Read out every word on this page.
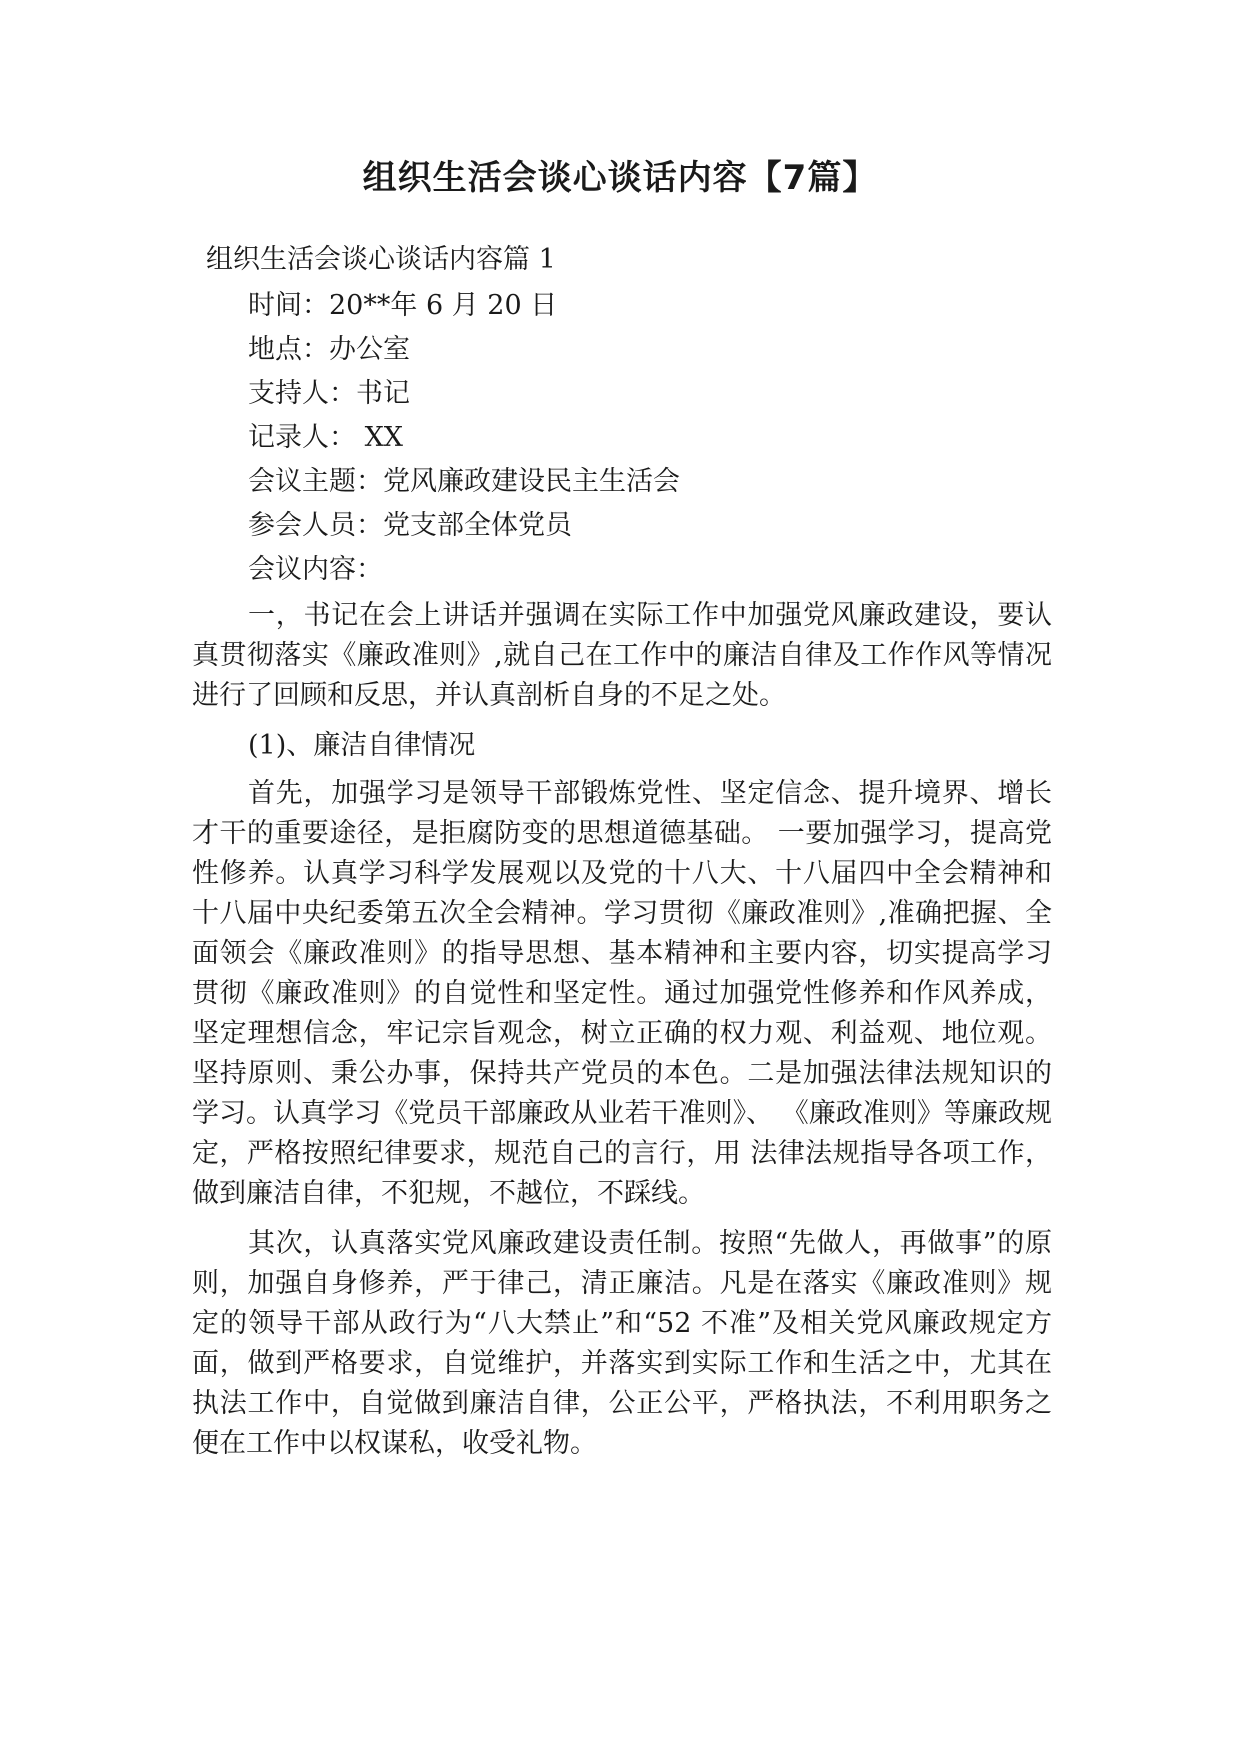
组织生活会谈心谈话内容【7篇】

组织生活会谈心谈话内容篇 1

时间：20**年 6 月 20 日

地点：办公室

支持人：书记

记录人： XX

会议主题：党风廉政建设民主生活会

参会人员：党支部全体党员

会议内容：

一，书记在会上讲话并强调在实际工作中加强党风廉政建设，要认真贯彻落实《廉政准则》,就自己在工作中的廉洁自律及工作作风等情况进行了回顾和反思，并认真剖析自身的不足之处。

(1)、廉洁自律情况

首先，加强学习是领导干部锻炼党性、坚定信念、提升境界、增长才干的重要途径，是拒腐防变的思想道德基础。 一要加强学习，提高党性修养。认真学习科学发展观以及党的十八大、十八届四中全会精神和十八届中央纪委第五次全会精神。学习贯彻《廉政准则》,准确把握、全面领会《廉政准则》的指导思想、基本精神和主要内容，切实提高学习贯彻《廉政准则》的自觉性和坚定性。通过加强党性修养和作风养成，坚定理想信念，牢记宗旨观念，树立正确的权力观、利益观、地位观。坚持原则、秉公办事，保持共产党员的本色。二是加强法律法规知识的学习。认真学习《党员干部廉政从业若干准则》、 《廉政准则》等廉政规定，严格按照纪律要求，规范自己的言行，用 法律法规指导各项工作，做到廉洁自律，不犯规，不越位，不踩线。

其次，认真落实党风廉政建设责任制。按照“先做人，再做事”的原则，加强自身修养，严于律己，清正廉洁。凡是在落实《廉政准则》规定的领导干部从政行为“八大禁止”和“52 不准”及相关党风廉政规定方面，做到严格要求，自觉维护，并落实到实际工作和生活之中，尤其在执法工作中，自觉做到廉洁自律，公正公平，严格执法，不利用职务之便在工作中以权谋私，收受礼物。
